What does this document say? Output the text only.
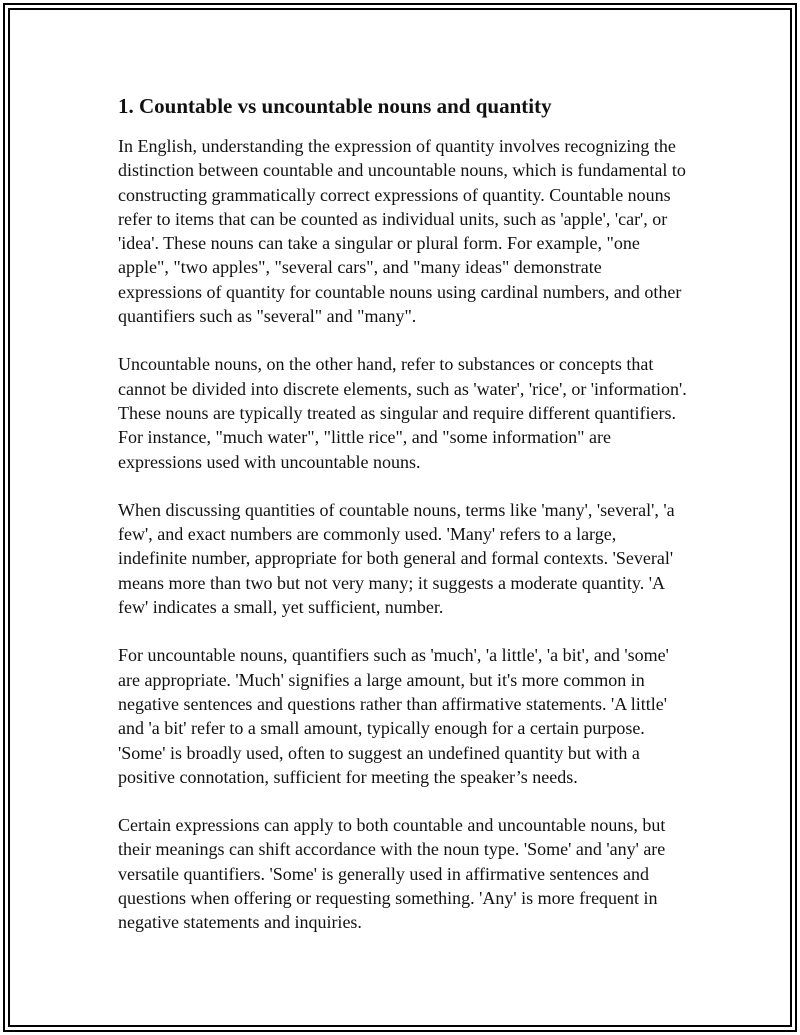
1. Countable vs uncountable nouns and quantity

In English, understanding the expression of quantity involves recognizing the distinction between countable and uncountable nouns, which is fundamental to constructing grammatically correct expressions of quantity. Countable nouns refer to items that can be counted as individual units, such as 'apple', 'car', or 'idea'. These nouns can take a singular or plural form. For example, "one apple", "two apples", "several cars", and "many ideas" demonstrate expressions of quantity for countable nouns using cardinal numbers, and other quantifiers such as "several" and "many".

Uncountable nouns, on the other hand, refer to substances or concepts that cannot be divided into discrete elements, such as 'water', 'rice', or 'information'. These nouns are typically treated as singular and require different quantifiers. For instance, "much water", "little rice", and "some information" are expressions used with uncountable nouns.

When discussing quantities of countable nouns, terms like 'many', 'several', 'a few', and exact numbers are commonly used. 'Many' refers to a large, indefinite number, appropriate for both general and formal contexts. 'Several' means more than two but not very many; it suggests a moderate quantity. 'A few' indicates a small, yet sufficient, number.

For uncountable nouns, quantifiers such as 'much', 'a little', 'a bit', and 'some' are appropriate. 'Much' signifies a large amount, but it's more common in negative sentences and questions rather than affirmative statements. 'A little' and 'a bit' refer to a small amount, typically enough for a certain purpose. 'Some' is broadly used, often to suggest an undefined quantity but with a positive connotation, sufficient for meeting the speaker’s needs.

Certain expressions can apply to both countable and uncountable nouns, but their meanings can shift accordance with the noun type. 'Some' and 'any' are versatile quantifiers. 'Some' is generally used in affirmative sentences and questions when offering or requesting something. 'Any' is more frequent in negative statements and inquiries.
